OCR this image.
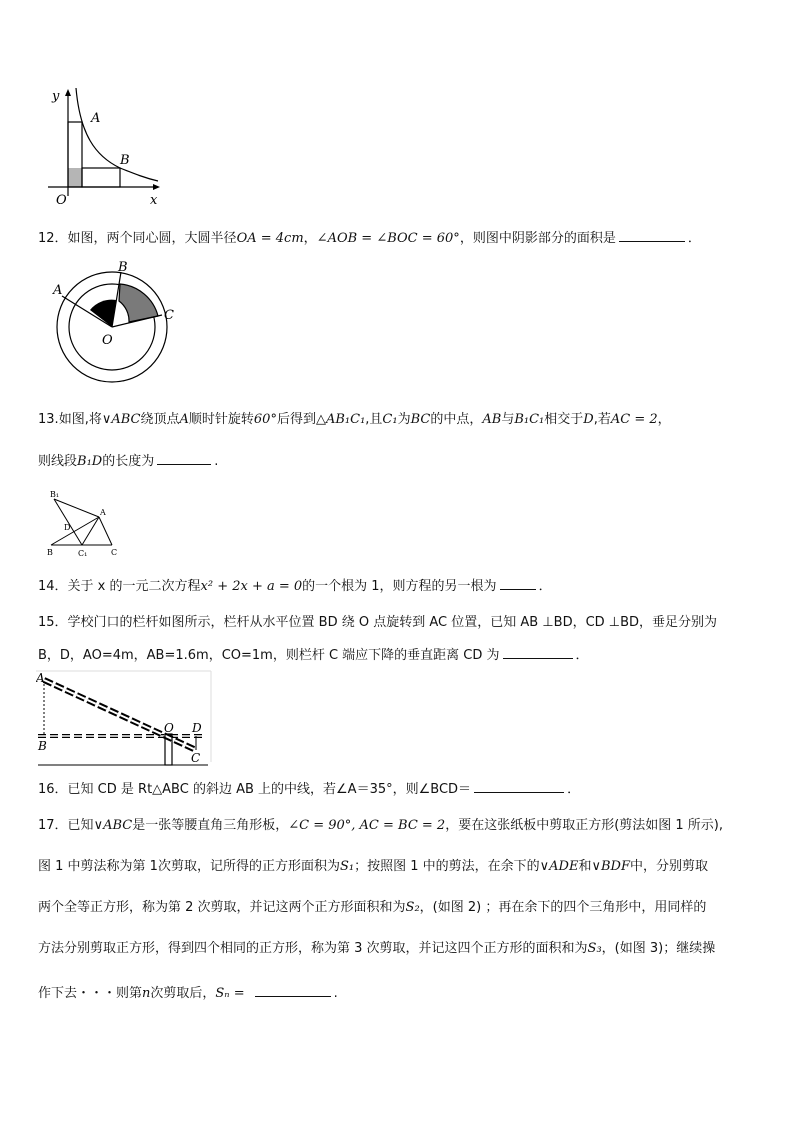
y
A
B
O	x
12．如图，两个同心圆，大圆半径OA = 4cm，∠AOB = ∠BOC = 60°，则图中阴影部分的面积是	．
A
B
C
O
13.如图,将∨ABC绕顶点A顺时针旋转60°后得到△AB₁C₁,且C₁为BC的中点，AB与B₁C₁相交于D,若AC = 2，
则线段B₁D的长度为	.
B₁
A
D
B	C₁	C
14．关于 x 的一元二次方程x² + 2x + a = 0的一个根为 1，则方程的另一根为	．
15．学校门口的栏杆如图所示，栏杆从水平位置 BD 绕 O 点旋转到 AC 位置，已知 AB ⊥BD，CD ⊥BD，垂足分别为
B，D，AO=4m，AB=1.6m，CO=1m，则栏杆 C 端应下降的垂直距离 CD 为	．
A
B
O D
C
16．已知 CD 是 Rt△ABC 的斜边 AB 上的中线，若∠A＝35°，则∠BCD＝	．
17．已知∨ABC是一张等腰直角三角形板，∠C = 90°, AC = BC = 2，要在这张纸板中剪取正方形(剪法如图 1 所示),
图 1 中剪法称为第 1次剪取，记所得的正方形面积为S₁；按照图 1 中的剪法，在余下的∨ADE和∨BDF中，分别剪取
两个全等正方形，称为第 2 次剪取，并记这两个正方形面积和为S₂，(如图 2) ；再在余下的四个三角形中，用同样的
方法分别剪取正方形，得到四个相同的正方形，称为第 3 次剪取，并记这四个正方形的面积和为S₃，(如图 3)；继续操
作下去・・・则第n次剪取后，Sₙ =	.
